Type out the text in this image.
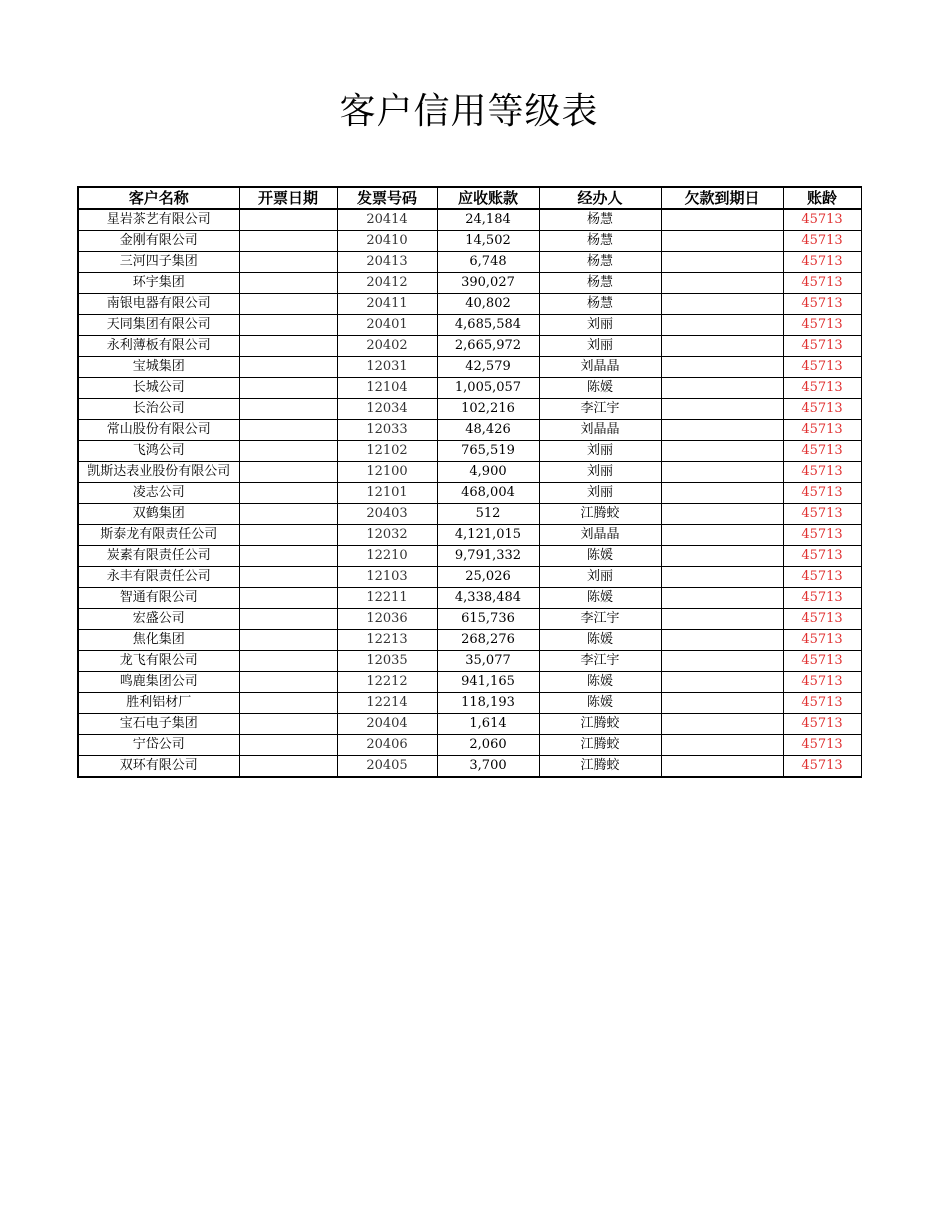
客户信用等级表
客户名称	开票日期	发票号码	应收账款	经办人	欠款到期日	账龄
星岩茶艺有限公司		20414	24,184	杨慧		45713
金刚有限公司		20410	14,502	杨慧		45713
三河四子集团		20413	6,748	杨慧		45713
环宇集团		20412	390,027	杨慧		45713
南银电器有限公司		20411	40,802	杨慧		45713
天同集团有限公司		20401	4,685,584	刘丽		45713
永利薄板有限公司		20402	2,665,972	刘丽		45713
宝城集团		12031	42,579	刘晶晶		45713
长城公司		12104	1,005,057	陈媛		45713
长治公司		12034	102,216	李江宇		45713
常山股份有限公司		12033	48,426	刘晶晶		45713
飞鸿公司		12102	765,519	刘丽		45713
凯斯达表业股份有限公司		12100	4,900	刘丽		45713
凌志公司		12101	468,004	刘丽		45713
双鹤集团		20403	512	江腾蛟		45713
斯泰龙有限责任公司		12032	4,121,015	刘晶晶		45713
炭素有限责任公司		12210	9,791,332	陈媛		45713
永丰有限责任公司		12103	25,026	刘丽		45713
智通有限公司		12211	4,338,484	陈媛		45713
宏盛公司		12036	615,736	李江宇		45713
焦化集团		12213	268,276	陈媛		45713
龙飞有限公司		12035	35,077	李江宇		45713
鸣鹿集团公司		12212	941,165	陈媛		45713
胜利铝材厂		12214	118,193	陈媛		45713
宝石电子集团		20404	1,614	江腾蛟		45713
宁岱公司		20406	2,060	江腾蛟		45713
双环有限公司		20405	3,700	江腾蛟		45713
